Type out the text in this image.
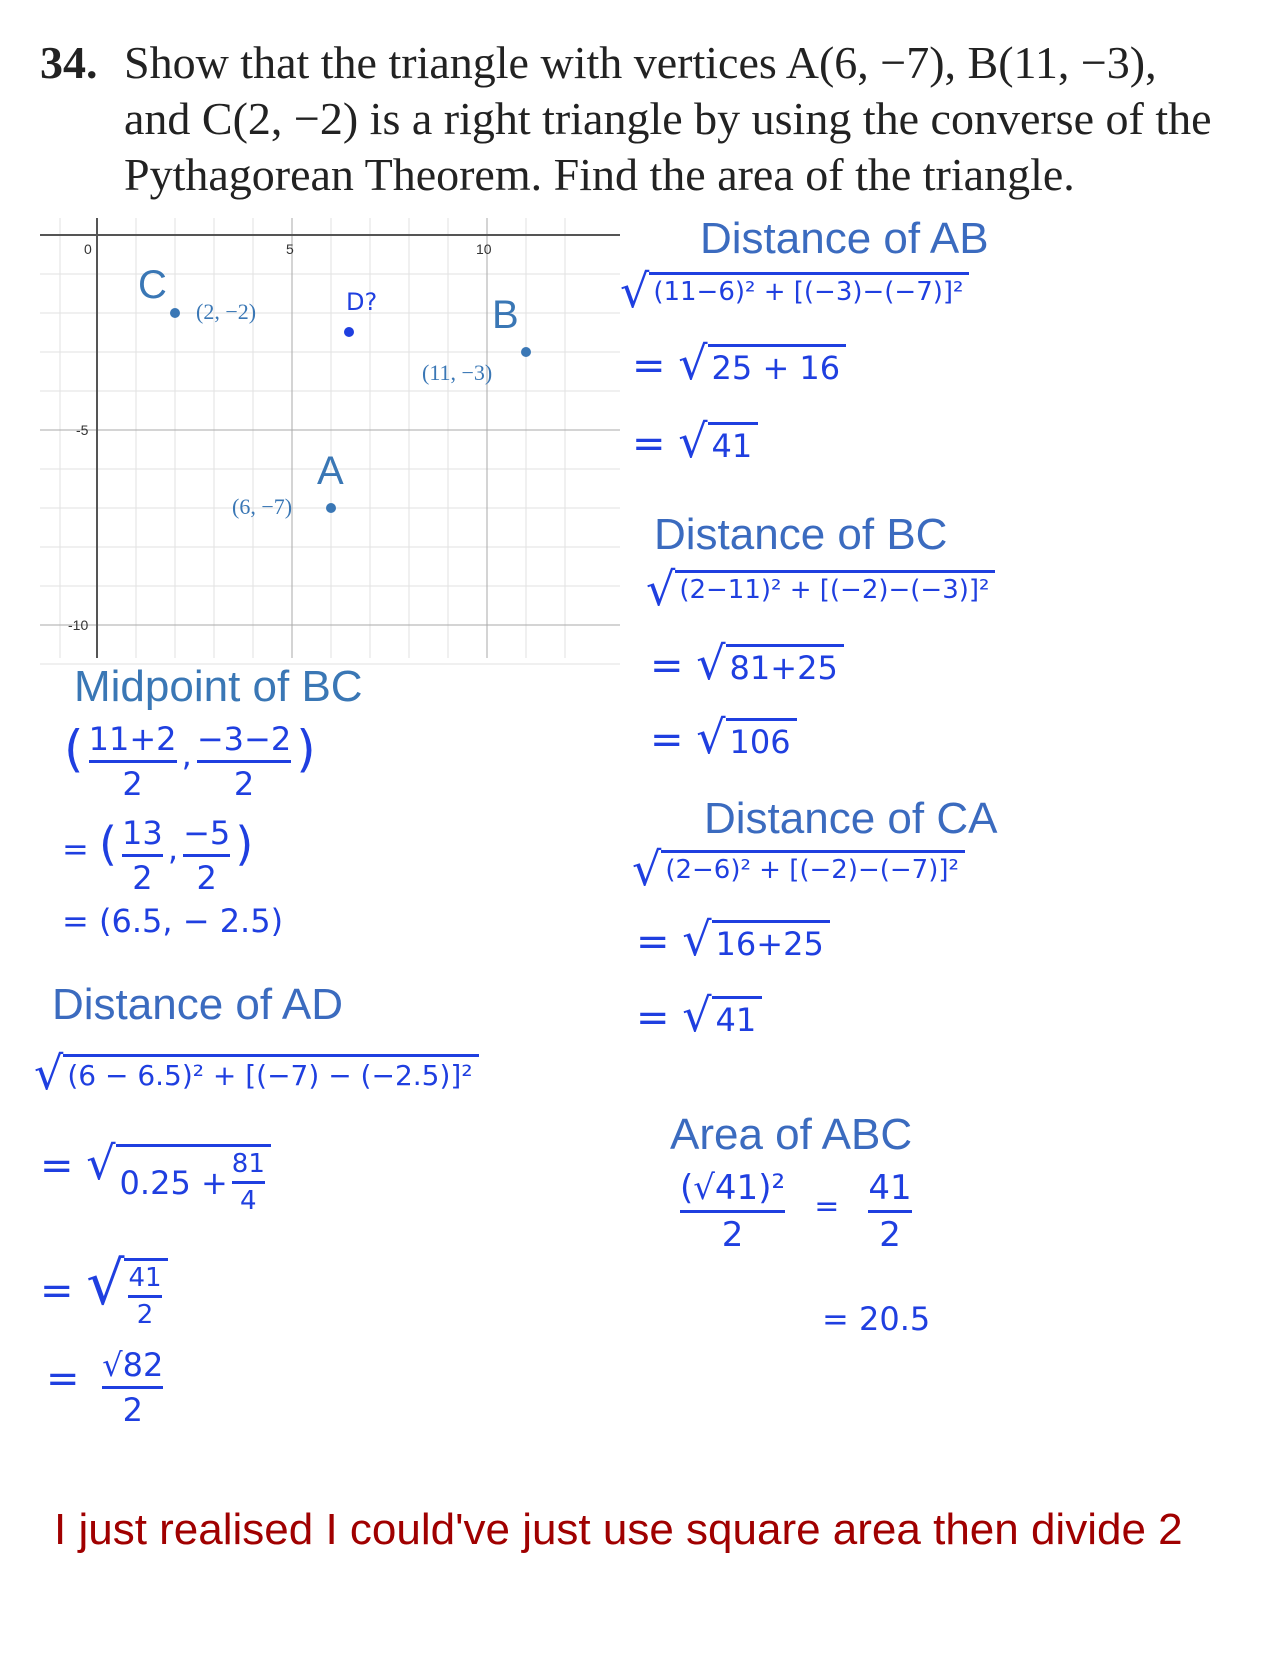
34. Show that the triangle with vertices A(6, −7), B(11, −3),
and C(2, −2) is a right triangle by using the converse of the
Pythagorean Theorem. Find the area of the triangle.
0	5	10
-5
-10
C
(2, −2)	B
(11, −3)
A
(6, −7)
D?
Distance of AB
√ (11−6)² + [(−3)−(−7)]²
= √ 25 + 16
= √ 41
Distance of BC
√ (2−11)² + [(−2)−(−3)]²
= √ 81+25
= √ 106
Distance of CA
√ (2−6)² + [(−2)−(−7)]²
= √ 16+25
= √ 41
Midpoint of BC
( $\frac{11+2}{2}$ , $\frac{-3-2}{2}$ )
= ( $\frac{13}{2}$ , $\frac{-5}{2}$ )
= (6.5, − 2.5)
Distance of AD
√ (6 − 6.5)² + [(−7) − (−2.5)]²
= √ $0.25 + \frac{81}{4}$
= √ $\frac{41}{2}$
= $\frac{√82}{2}$
Area of ABC
$\frac{\text{(√41)²}}{2} = \frac{41}{2}$
= 20.5
I just realised I could've just use square area then divide 2
